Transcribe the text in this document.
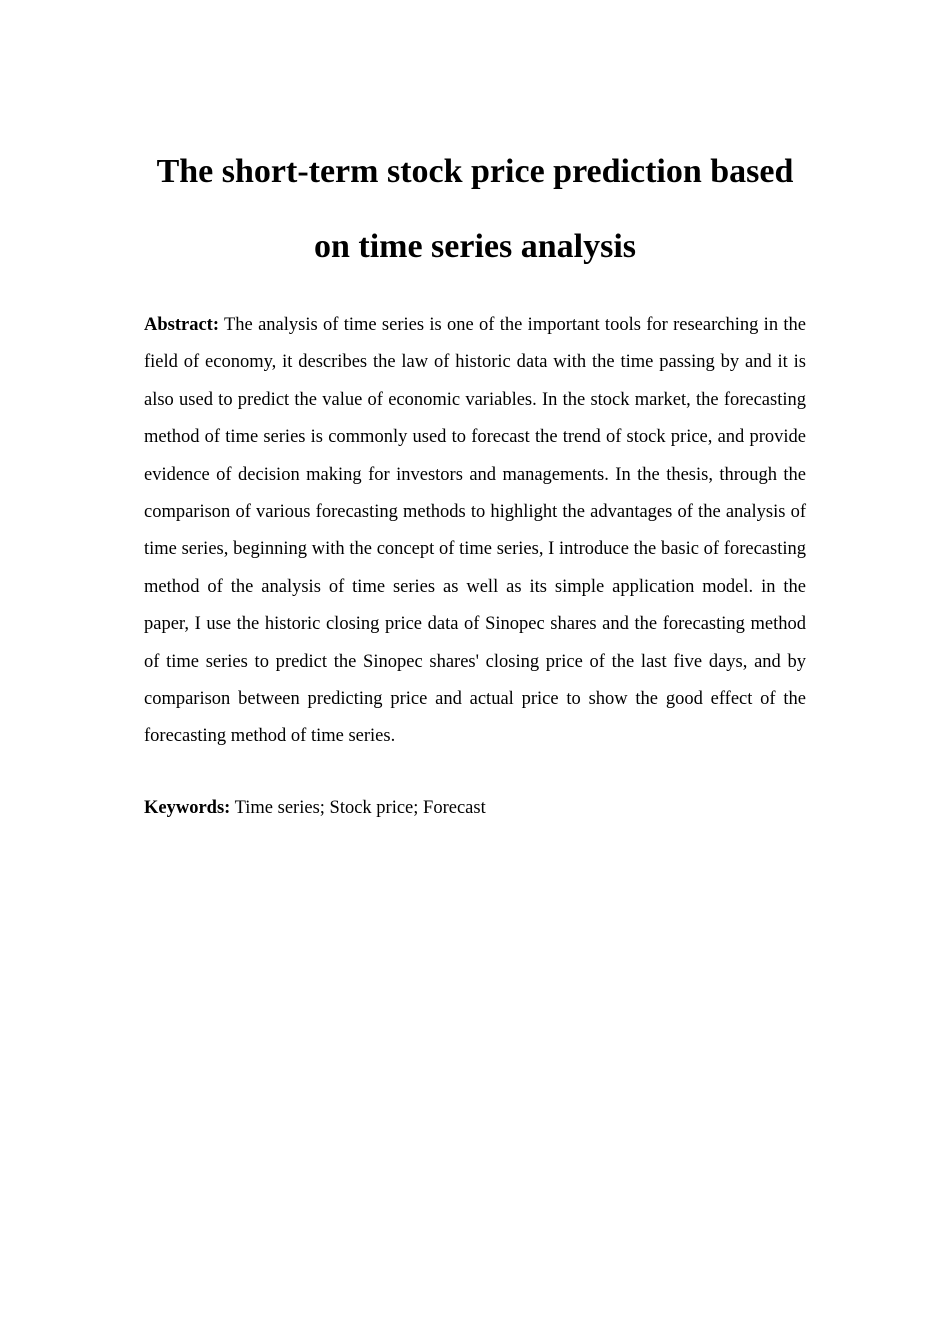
The short-term stock price prediction based
on time series analysis

Abstract: The analysis of time series is one of the important tools for researching in the field of economy, it describes the law of historic data with the time passing by and it is also used to predict the value of economic variables. In the stock market, the forecasting method of time series is commonly used to forecast the trend of stock price, and provide evidence of decision making for investors and managements. In the thesis, through the comparison of various forecasting methods to highlight the advantages of the analysis of time series, beginning with the concept of time series, I introduce the basic of forecasting method of the analysis of time series as well as its simple application model. in the paper, I use the historic closing price data of Sinopec shares and the forecasting method of time series to predict the Sinopec shares' closing price of the last five days, and by comparison between predicting price and actual price to show the good effect of the forecasting method of time series.

Keywords: Time series; Stock price; Forecast
